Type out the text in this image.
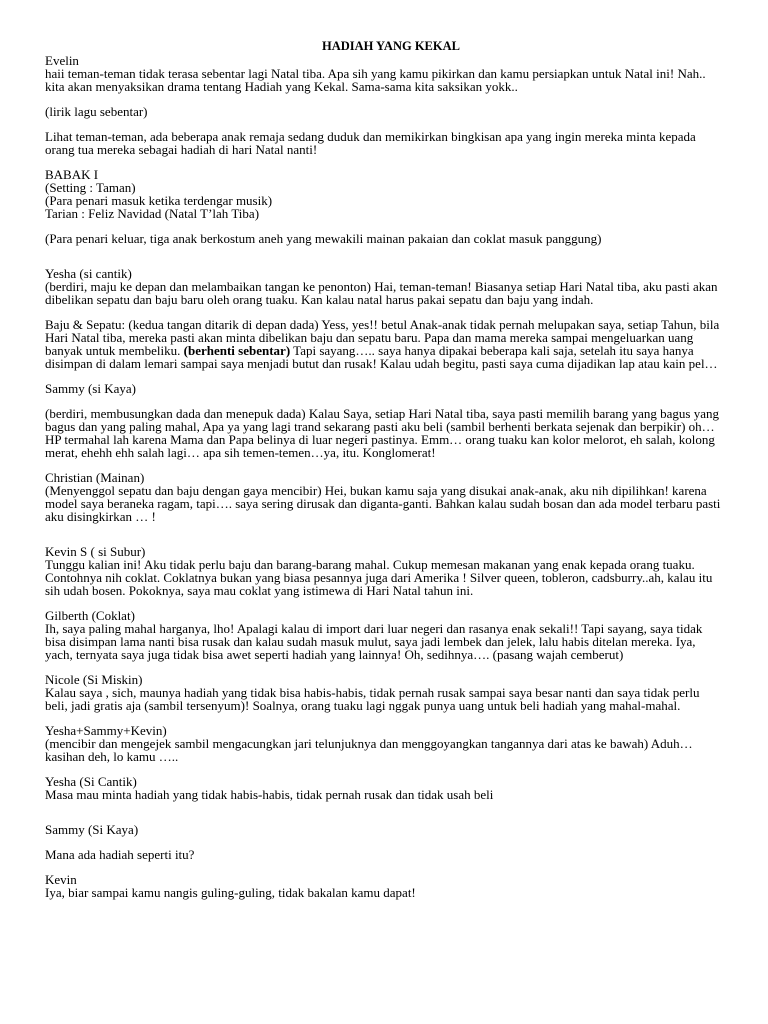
HADIAH YANG KEKAL

Evelin

haii teman-teman tidak terasa sebentar lagi Natal tiba. Apa sih yang kamu pikirkan dan kamu persiapkan untuk Natal ini! Nah.. kita akan menyaksikan drama tentang Hadiah yang Kekal. Sama-sama kita saksikan yokk..

(lirik lagu sebentar)

Lihat teman-teman, ada beberapa anak remaja sedang duduk dan memikirkan bingkisan apa yang ingin mereka minta kepada orang tua mereka sebagai hadiah di hari Natal nanti!

BABAK I

(Setting : Taman)

(Para penari masuk ketika terdengar musik)

Tarian : Feliz Navidad (Natal T’lah Tiba)

(Para penari keluar, tiga anak berkostum aneh yang mewakili mainan pakaian dan coklat masuk panggung)

Yesha (si cantik)

(berdiri, maju ke depan dan melambaikan tangan ke penonton) Hai, teman-teman! Biasanya setiap Hari Natal tiba, aku pasti akan dibelikan sepatu dan baju baru oleh orang tuaku. Kan kalau natal harus pakai sepatu dan baju yang indah.

Baju & Sepatu: (kedua tangan ditarik di depan dada) Yess, yes!! betul Anak-anak tidak pernah melupakan saya, setiap Tahun, bila Hari Natal tiba, mereka pasti akan minta dibelikan baju dan sepatu baru. Papa dan mama mereka sampai mengeluarkan uang banyak untuk membeliku. (berhenti sebentar) Tapi sayang….. saya hanya dipakai beberapa kali saja, setelah itu saya hanya disimpan di dalam lemari sampai saya menjadi butut dan rusak! Kalau udah begitu, pasti saya cuma dijadikan lap atau kain pel…

Sammy (si Kaya)

(berdiri, membusungkan dada dan menepuk dada) Kalau Saya, setiap Hari Natal tiba, saya pasti memilih barang yang bagus yang bagus dan yang paling mahal, Apa ya yang lagi trand sekarang pasti aku beli (sambil berhenti berkata sejenak dan berpikir) oh… HP termahal lah karena Mama dan Papa belinya di luar negeri pastinya. Emm… orang tuaku kan kolor melorot, eh salah, kolong merat, ehehh ehh salah lagi… apa sih temen-temen…ya, itu. Konglomerat!

Christian (Mainan)

(Menyenggol sepatu dan baju dengan gaya mencibir) Hei, bukan kamu saja yang disukai anak-anak, aku nih dipilihkan! karena model saya beraneka ragam, tapi…. saya sering dirusak dan diganta-ganti. Bahkan kalau sudah bosan dan ada model terbaru pasti aku disingkirkan … !

Kevin S ( si Subur)

Tunggu kalian ini! Aku tidak perlu baju dan barang-barang mahal. Cukup memesan makanan yang enak kepada orang tuaku. Contohnya nih coklat. Coklatnya bukan yang biasa pesannya juga dari Amerika ! Silver queen, tobleron, cadsburry..ah, kalau itu sih udah bosen. Pokoknya, saya mau coklat yang istimewa di Hari Natal tahun ini.

Gilberth (Coklat)

Ih, saya paling mahal harganya, lho! Apalagi kalau di import dari luar negeri dan rasanya enak sekali!! Tapi sayang, saya tidak bisa disimpan lama nanti bisa rusak dan kalau sudah masuk mulut, saya jadi lembek dan jelek, lalu habis ditelan mereka. Iya, yach, ternyata saya juga tidak bisa awet seperti hadiah yang lainnya! Oh, sedihnya…. (pasang wajah cemberut)

Nicole (Si Miskin)

Kalau saya , sich, maunya hadiah yang tidak bisa habis-habis, tidak pernah rusak sampai saya besar nanti dan saya tidak perlu beli, jadi gratis aja (sambil tersenyum)! Soalnya, orang tuaku lagi nggak punya uang untuk beli hadiah yang mahal-mahal.

Yesha+Sammy+Kevin)

(mencibir dan mengejek sambil mengacungkan jari telunjuknya dan menggoyangkan tangannya dari atas ke bawah) Aduh… kasihan deh, lo kamu …..

Yesha (Si Cantik)

Masa mau minta hadiah yang tidak habis-habis, tidak pernah rusak dan tidak usah beli

Sammy (Si Kaya)

Mana ada hadiah seperti itu?

Kevin

Iya, biar sampai kamu nangis guling-guling, tidak bakalan kamu dapat!
